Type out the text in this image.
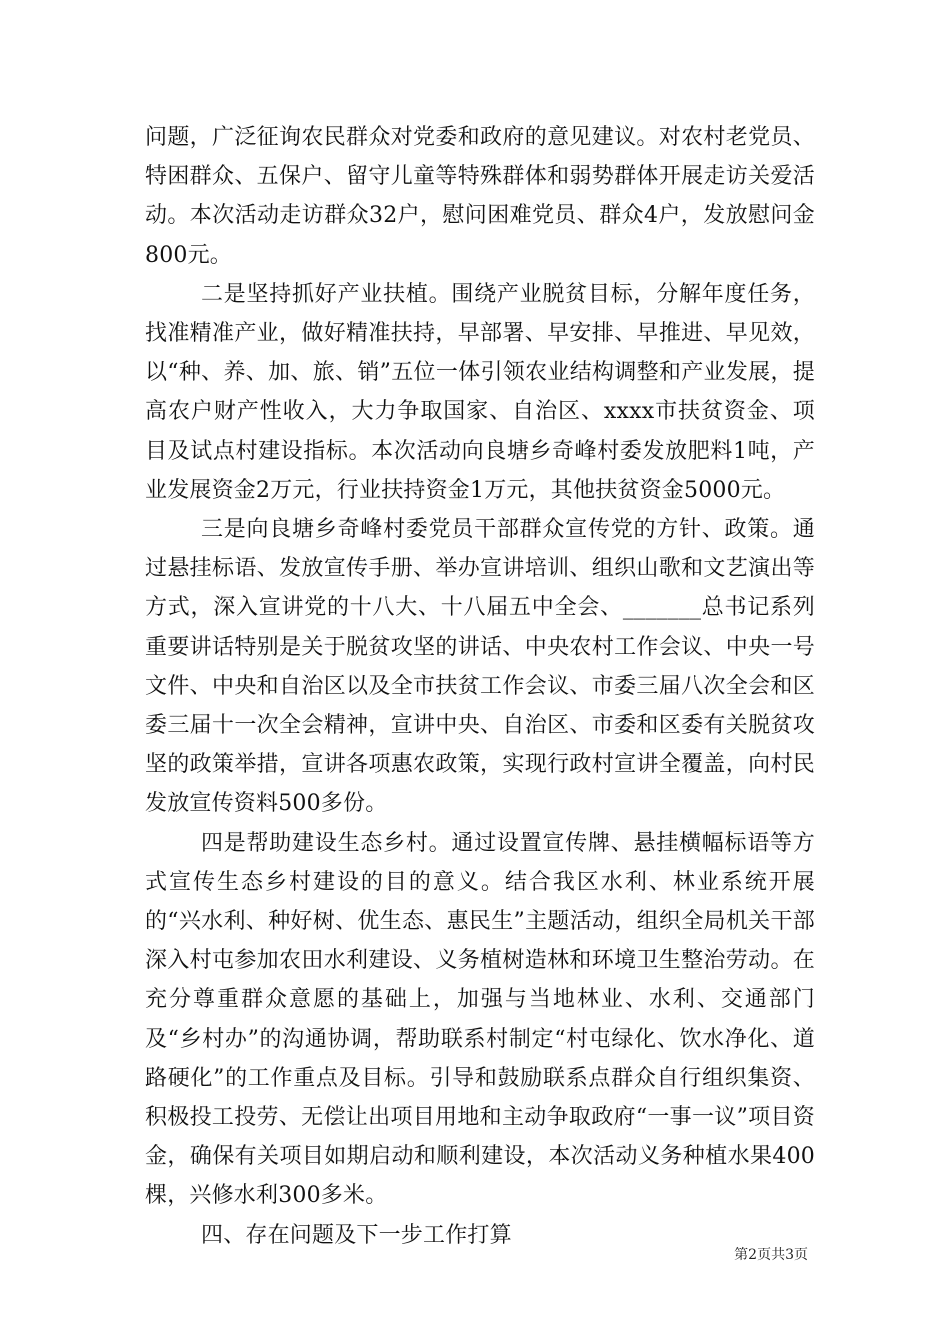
问题，广泛征询农民群众对党委和政府的意见建议。对农村老党员、特困群众、五保户、留守儿童等特殊群体和弱势群体开展走访关爱活动。本次活动走访群众32户，慰问困难党员、群众4户，发放慰问金800元。

二是坚持抓好产业扶植。围绕产业脱贫目标，分解年度任务，找准精准产业，做好精准扶持，早部署、早安排、早推进、早见效，以“种、养、加、旅、销”五位一体引领农业结构调整和产业发展，提高农户财产性收入，大力争取国家、自治区、xxxx市扶贫资金、项目及试点村建设指标。本次活动向良塘乡奇峰村委发放肥料1吨，产业发展资金2万元，行业扶持资金1万元，其他扶贫资金5000元。

三是向良塘乡奇峰村委党员干部群众宣传党的方针、政策。通过悬挂标语、发放宣传手册、举办宣讲培训、组织山歌和文艺演出等方式，深入宣讲党的十八大、十八届五中全会、_______总书记系列重要讲话特别是关于脱贫攻坚的讲话、中央农村工作会议、中央一号文件、中央和自治区以及全市扶贫工作会议、市委三届八次全会和区委三届十一次全会精神，宣讲中央、自治区、市委和区委有关脱贫攻坚的政策举措，宣讲各项惠农政策，实现行政村宣讲全覆盖，向村民发放宣传资料500多份。

四是帮助建设生态乡村。通过设置宣传牌、悬挂横幅标语等方式宣传生态乡村建设的目的意义。结合我区水利、林业系统开展的“兴水利、种好树、优生态、惠民生”主题活动，组织全局机关干部深入村屯参加农田水利建设、义务植树造林和环境卫生整治劳动。在充分尊重群众意愿的基础上，加强与当地林业、水利、交通部门及“乡村办”的沟通协调，帮助联系村制定“村屯绿化、饮水净化、道路硬化”的工作重点及目标。引导和鼓励联系点群众自行组织集资、积极投工投劳、无偿让出项目用地和主动争取政府“一事一议”项目资金，确保有关项目如期启动和顺利建设，本次活动义务种植水果400棵，兴修水利300多米。

四、存在问题及下一步工作打算

第2页共3页
